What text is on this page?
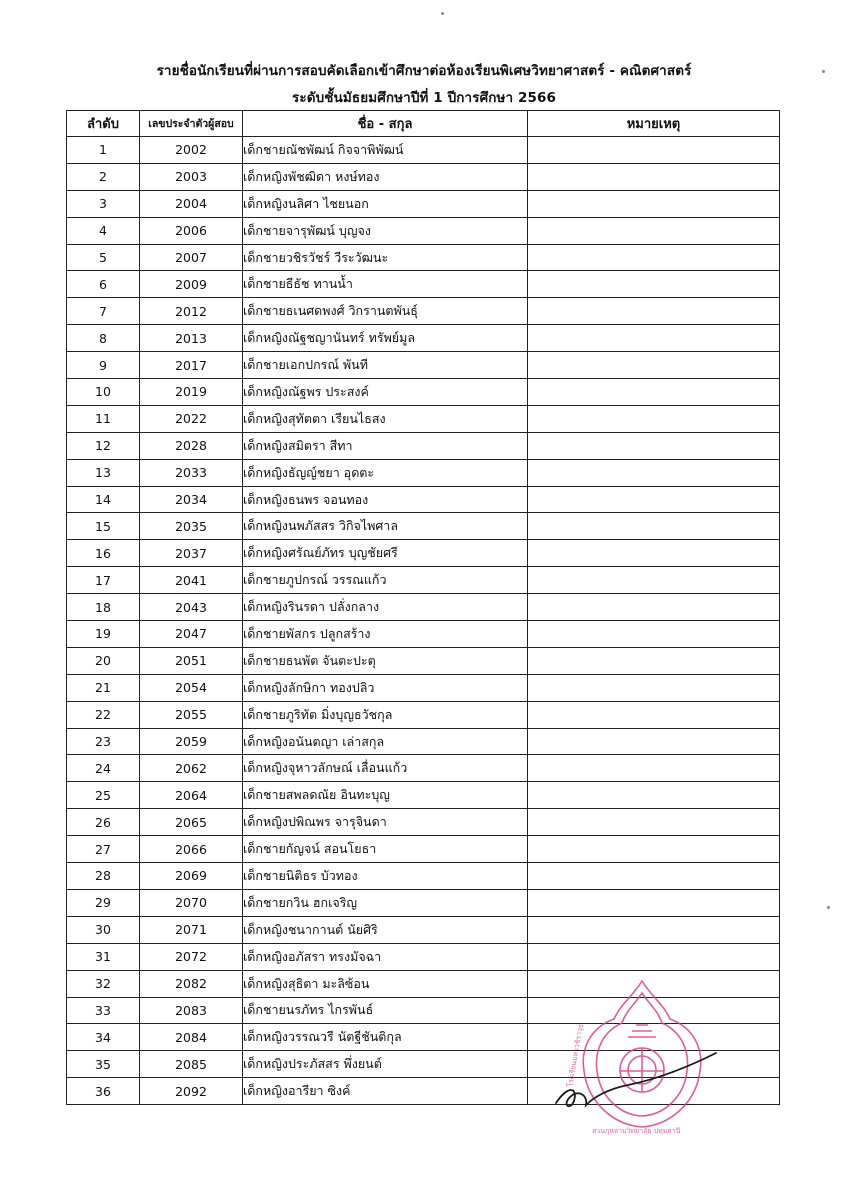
รายชื่อนักเรียนที่ผ่านการสอบคัดเลือกเข้าศึกษาต่อห้องเรียนพิเศษวิทยาศาสตร์ - คณิตศาสตร์
ระดับชั้นมัธยมศึกษาปีที่ 1 ปีการศึกษา 2566
ลำดับ	เลขประจำตัวผู้สอบ	ชื่อ - สกุล	หมายเหตุ
1	2002	เด็กชายณัชพัฒน์ กิจจาพิพัฒน์	
2	2003	เด็กหญิงพัชฒิดา หงษ์ทอง	
3	2004	เด็กหญิงนลิศา ไชยนอก	
4	2006	เด็กชายจารุพัฒน์ บุญจง	
5	2007	เด็กชายวชิรวัชร์ วีระวัฒนะ	
6	2009	เด็กชายธีธัช ทานน้ำ	
7	2012	เด็กชายธเนศดพงศ์ วิกรานตพันธุ์	
8	2013	เด็กหญิงณัฐชญานันทร์ ทรัพย์มูล	
9	2017	เด็กชายเอกปกรณ์ พันที	
10	2019	เด็กหญิงณัฐพร ประสงค์	
11	2022	เด็กหญิงสุทัตตา เรียนไธสง	
12	2028	เด็กหญิงสมิตรา สีทา	
13	2033	เด็กหญิงธัญญ์ชยา อุดตะ	
14	2034	เด็กหญิงธนพร จอนทอง	
15	2035	เด็กหญิงนพภัสสร วิกิจไพศาล	
16	2037	เด็กหญิงศรัณย์ภัทร บุญชัยศรี	
17	2041	เด็กชายภูปกรณ์ วรรณแก้ว	
18	2043	เด็กหญิงรินรดา ปลั่งกลาง	
19	2047	เด็กชายพัสกร ปลูกสร้าง	
20	2051	เด็กชายธนพัต จันตะปะตุ	
21	2054	เด็กหญิงลักษิกา ทองปลิว	
22	2055	เด็กชายภูริทัต มิ่งบุญธวัชกุล	
23	2059	เด็กหญิงอนันตญา เล่าสกุล	
24	2062	เด็กหญิงจุหาวลักษณ์ เลื่อนแก้ว	
25	2064	เด็กชายสพลดณัย อินทะบุญ	
26	2065	เด็กหญิงปพิณพร จารุจินดา	
27	2066	เด็กชายกัญจน์ สอนโยธา	
28	2069	เด็กชายนิติธร บัวทอง	
29	2070	เด็กชายกวิน ฮกเจริญ	
30	2071	เด็กหญิงชนากานต์ นัยศิริ	
31	2072	เด็กหญิงอภัสรา ทรงมัจฉา	
32	2082	เด็กหญิงสุธิตา มะลิซ้อน	
33	2083	เด็กชายนรภัทร ไกรพันธ์	
34	2084	เด็กหญิงวรรณวรี นัตฐีชันติกุล	
35	2085	เด็กหญิงประภัสสร พึ่งยนต์	
36	2092	เด็กหญิงอารียา ซิงค์	
โรงเรียนมหาวชิราวุธ
สวนกุหลาบวิทยาลัย ปทุมธานี
